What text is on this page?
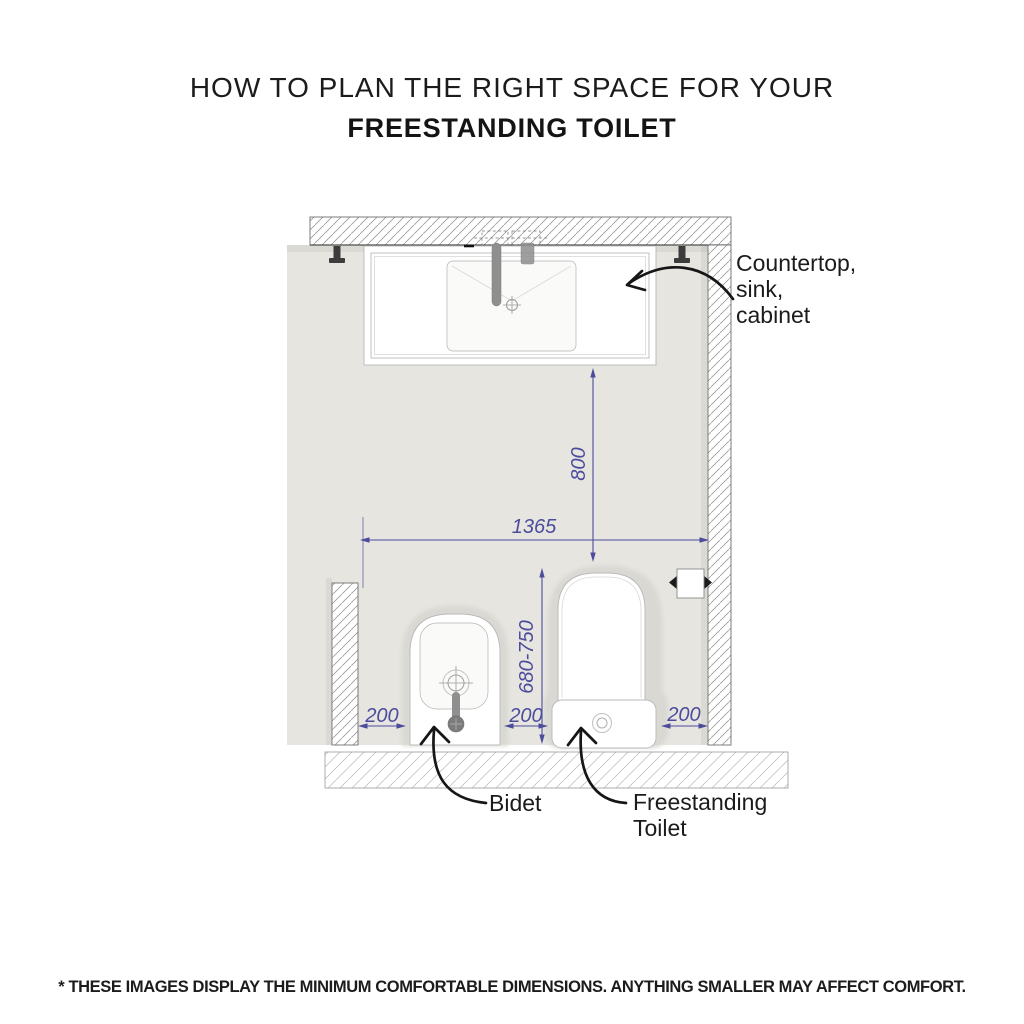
HOW TO PLAN THE RIGHT SPACE FOR YOUR
FREESTANDING TOILET
800
1365
680-750
200	200	200
Countertop,
sink,
cabinet
Bidet	Freestanding
Toilet
* THESE IMAGES DISPLAY THE MINIMUM COMFORTABLE DIMENSIONS. ANYTHING SMALLER MAY AFFECT COMFORT.
